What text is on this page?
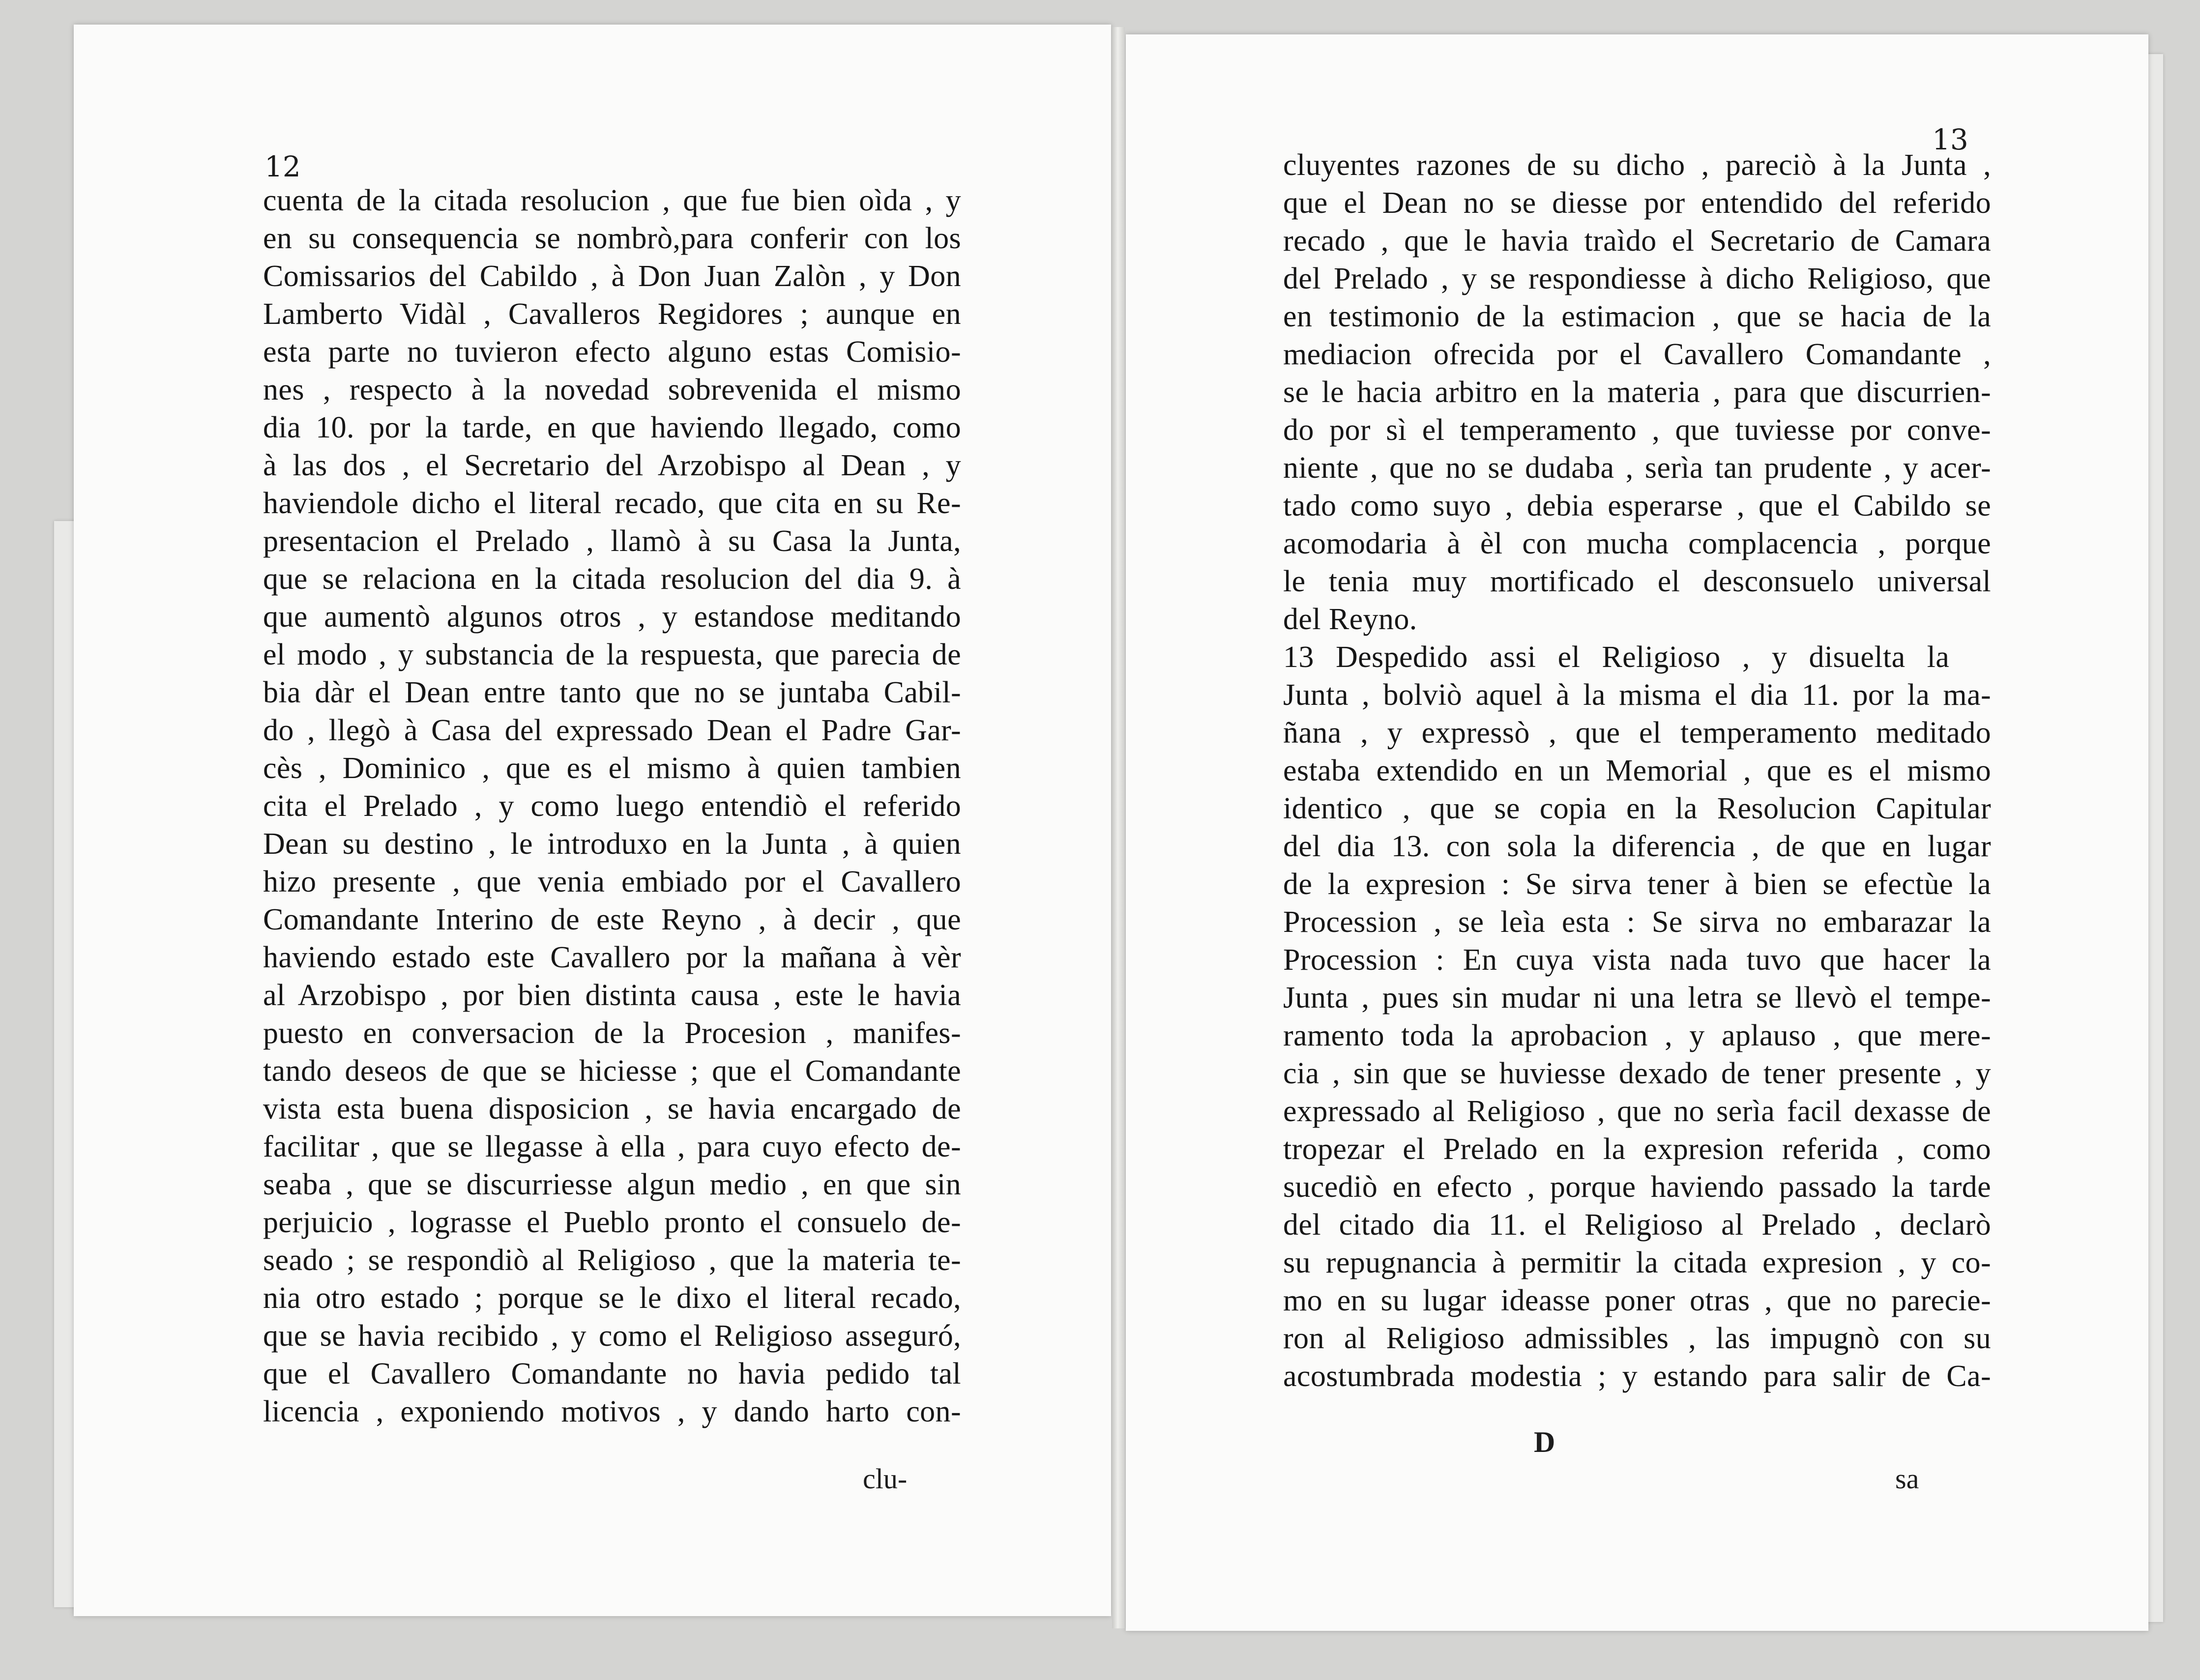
12
cuenta de la citada resolucion , que fue bien oìda , y
en su consequencia se nombrò,para conferir con los
Comissarios del Cabildo , à Don Juan Zalòn , y Don
Lamberto Vidàl , Cavalleros Regidores ; aunque en
esta parte no tuvieron efecto alguno estas Comisio-
nes , respecto à la novedad sobrevenida el mismo
dia 10. por la tarde, en que haviendo llegado, como
à las dos , el Secretario del Arzobispo al Dean , y
haviendole dicho el literal recado, que cita en su Re-
presentacion el Prelado , llamò à su Casa la Junta,
que se relaciona en la citada resolucion del dia 9. à
que aumentò algunos otros , y estandose meditando
el modo , y substancia de la respuesta, que parecia de
bia dàr el Dean entre tanto que no se juntaba Cabil-
do , llegò à Casa del expressado Dean el Padre Gar-
cès , Dominico , que es el mismo à quien tambien
cita el Prelado , y como luego entendiò el referido
Dean su destino , le introduxo en la Junta , à quien
hizo presente , que venia embiado por el Cavallero
Comandante Interino de este Reyno , à decir , que
haviendo estado este Cavallero por la mañana à vèr
al Arzobispo , por bien distinta causa , este le havia
puesto en conversacion de la Procesion , manifes-
tando deseos de que se hiciesse ; que el Comandante
vista esta buena disposicion , se havia encargado de
facilitar , que se llegasse à ella , para cuyo efecto de-
seaba , que se discurriesse algun medio , en que sin
perjuicio , lograsse el Pueblo pronto el consuelo de-
seado ; se respondiò al Religioso , que la materia te-
nia otro estado ; porque se le dixo el literal recado,
que se havia recibido , y como el Religioso asseguró,
que el Cavallero Comandante no havia pedido tal
licencia , exponiendo motivos , y dando harto con-
clu-
13
cluyentes razones de su dicho , pareciò à la Junta ,
que el Dean no se diesse por entendido del referido
recado , que le havia traìdo el Secretario de Camara
del Prelado , y se respondiesse à dicho Religioso, que
en testimonio de la estimacion , que se hacia de la
mediacion ofrecida por el Cavallero Comandante ,
se le hacia arbitro en la materia , para que discurrien-
do por sì el temperamento , que tuviesse por conve-
niente , que no se dudaba , serìa tan prudente , y acer-
tado como suyo , debia esperarse , que el Cabildo se
acomodaria à èl con mucha complacencia , porque
le tenia muy mortificado el desconsuelo universal
del Reyno.
13 Despedido assi el Religioso , y disuelta la
Junta , bolviò aquel à la misma el dia 11. por la ma-
ñana , y expressò , que el temperamento meditado
estaba extendido en un Memorial , que es el mismo
identico , que se copia en la Resolucion Capitular
del dia 13. con sola la diferencia , de que en lugar
de la expresion : Se sirva tener à bien se efectùe la
Procession , se leìa esta : Se sirva no embarazar la
Procession : En cuya vista nada tuvo que hacer la
Junta , pues sin mudar ni una letra se llevò el tempe-
ramento toda la aprobacion , y aplauso , que mere-
cia , sin que se huviesse dexado de tener presente , y
expressado al Religioso , que no serìa facil dexasse de
tropezar el Prelado en la expresion referida , como
sucediò en efecto , porque haviendo passado la tarde
del citado dia 11. el Religioso al Prelado , declarò
su repugnancia à permitir la citada expresion , y co-
mo en su lugar ideasse poner otras , que no parecie-
ron al Religioso admissibles , las impugnò con su
acostumbrada modestia ; y estando para salir de Ca-
D
sa
